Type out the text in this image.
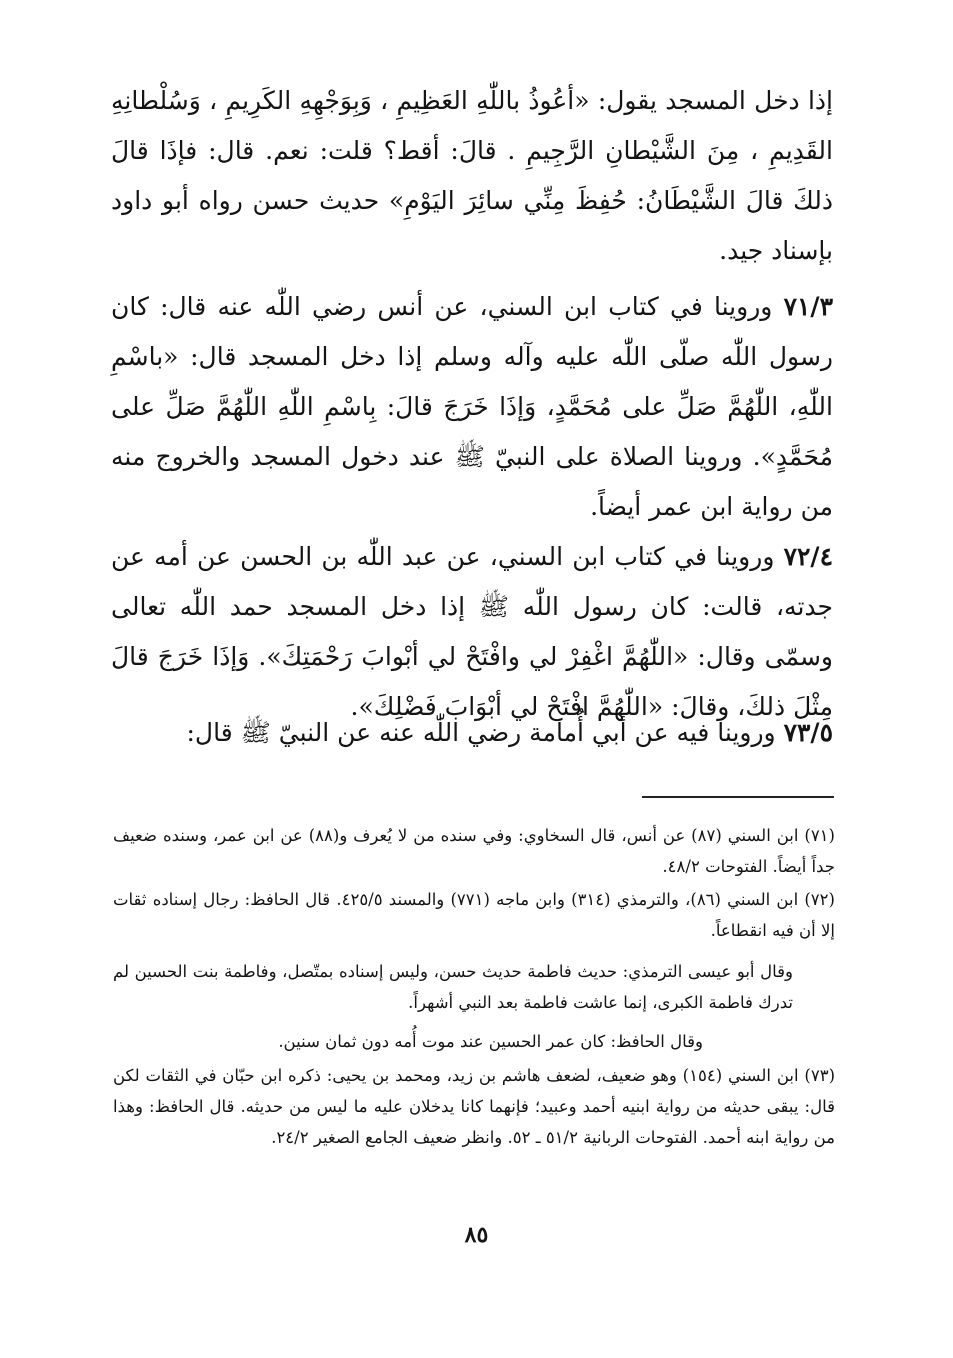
إذا دخل المسجد يقول: «أعُوذُ باللّٰهِ العَظِيمِ ، وَبِوَجْهِهِ الكَرِيمِ ، وَسُلْطانِهِ القَدِيمِ ، مِنَ الشَّيْطانِ الرَّجِيمِ . قالَ: أقط؟ قلت: نعم. قال: فإذَا قالَ ذلكَ قالَ الشَّيْطَانُ: حُفِظَ مِنِّي سائِرَ اليَوْمِ» حديث حسن رواه أبو داود بإسناد جيد.

٧١/٣ وروينا في كتاب ابن السني، عن أنس رضي اللّٰه عنه قال: كان رسول اللّٰه صلّى اللّٰه عليه وآله وسلم إذا دخل المسجد قال: «باسْمِ اللّٰهِ، اللّٰهُمَّ صَلِّ على مُحَمَّدٍ، وَإذَا خَرَجَ قالَ: بِاسْمِ اللّٰهِ اللّٰهُمَّ صَلِّ على مُحَمَّدٍ». وروينا الصلاة على النبيّ ﷺ عند دخول المسجد والخروج منه من رواية ابن عمر أيضاً.

٧٢/٤ وروينا في كتاب ابن السني، عن عبد اللّٰه بن الحسن عن أمه عن جدته، قالت: كان رسول اللّٰه ﷺ إذا دخل المسجد حمد اللّٰه تعالى وسمّى وقال: «اللّٰهُمَّ اغْفِرْ لي وافْتَحْ لي أبْوابَ رَحْمَتِكَ». وَإذَا خَرَجَ قالَ مِثْلَ ذلكَ، وقالَ: «اللّٰهُمَّ افْتَحْ لي أبْوَابَ فَضْلِكَ».

٧٣/٥ وروينا فيه عن أبي أُمامة رضي اللّٰه عنه عن النبيّ ﷺ قال:

(٧١) ابن السني (٨٧) عن أنس، قال السخاوي: وفي سنده من لا يُعرف و(٨٨) عن ابن عمر، وسنده ضعيف جداً أيضاً. الفتوحات ٤٨/٢.

(٧٢) ابن السني (٨٦)، والترمذي (٣١٤) وابن ماجه (٧٧١) والمسند ٤٢٥/٥. قال الحافظ: رجال إسناده ثقات إلا أن فيه انقطاعاً.

وقال أبو عيسى الترمذي: حديث فاطمة حديث حسن، وليس إسناده بمتّصل، وفاطمة بنت الحسين لم تدرك فاطمة الكبرى، إنما عاشت فاطمة بعد النبي أشهراً.

وقال الحافظ: كان عمر الحسين عند موت أُمه دون ثمان سنين.

(٧٣) ابن السني (١٥٤) وهو ضعيف، لضعف هاشم بن زيد، ومحمد بن يحيى: ذكره ابن حبّان في الثقات لكن قال: يبقى حديثه من رواية ابنيه أحمد وعبيد؛ فإنهما كانا يدخلان عليه ما ليس من حديثه. قال الحافظ: وهذا من رواية ابنه أحمد. الفتوحات الربانية ٥١/٢ ـ ٥٢. وانظر ضعيف الجامع الصغير ٢٤/٢.

٨٥
